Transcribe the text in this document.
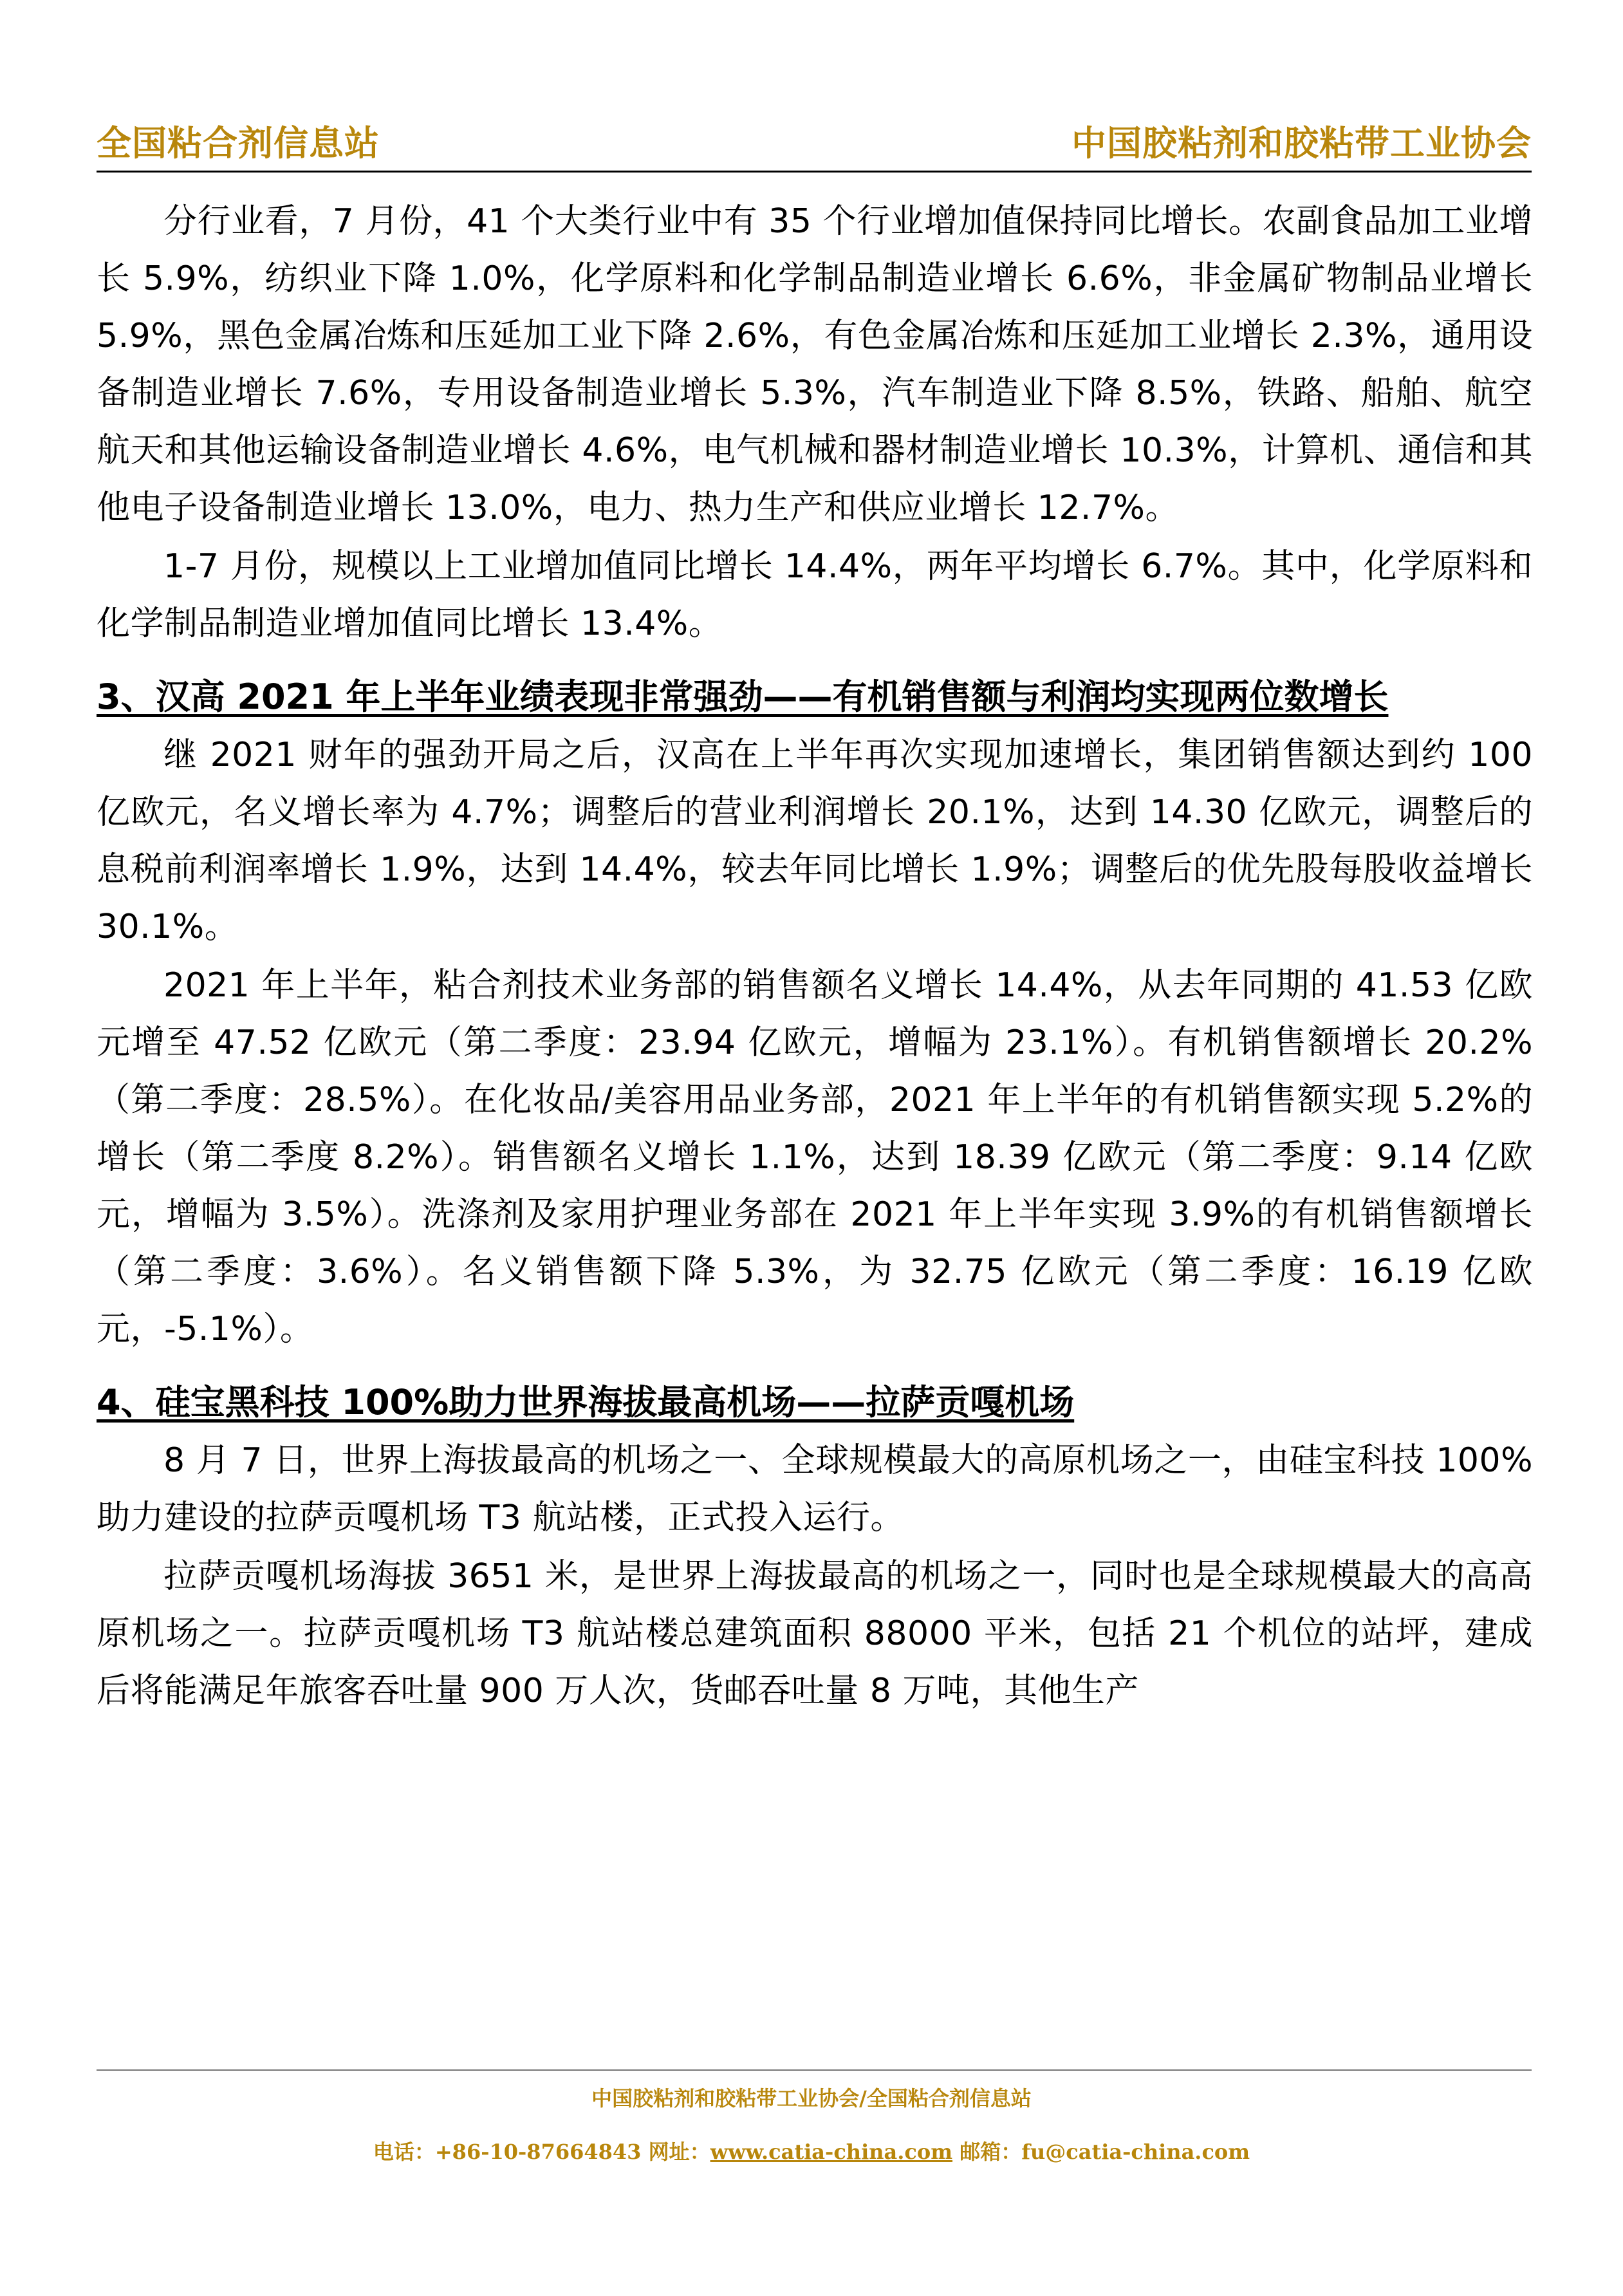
全国粘合剂信息站	中国胶粘剂和胶粘带工业协会

分行业看，7 月份，41 个大类行业中有 35 个行业增加值保持同比增长。农副食品加工业增长 5.9%，纺织业下降 1.0%，化学原料和化学制品制造业增长 6.6%，非金属矿物制品业增长 5.9%，黑色金属冶炼和压延加工业下降 2.6%，有色金属冶炼和压延加工业增长 2.3%，通用设备制造业增长 7.6%，专用设备制造业增长 5.3%，汽车制造业下降 8.5%，铁路、船舶、航空航天和其他运输设备制造业增长 4.6%，电气机械和器材制造业增长 10.3%，计算机、通信和其他电子设备制造业增长 13.0%，电力、热力生产和供应业增长 12.7%。

1-7 月份，规模以上工业增加值同比增长 14.4%，两年平均增长 6.7%。其中，化学原料和化学制品制造业增加值同比增长 13.4%。

3、汉高 2021 年上半年业绩表现非常强劲——有机销售额与利润均实现两位数增长

继 2021 财年的强劲开局之后，汉高在上半年再次实现加速增长，集团销售额达到约 100 亿欧元，名义增长率为 4.7%；调整后的营业利润增长 20.1%，达到 14.30 亿欧元，调整后的息税前利润率增长 1.9%，达到 14.4%，较去年同比增长 1.9%；调整后的优先股每股收益增长 30.1%。

2021 年上半年，粘合剂技术业务部的销售额名义增长 14.4%，从去年同期的 41.53 亿欧元增至 47.52 亿欧元（第二季度：23.94 亿欧元，增幅为 23.1%）。有机销售额增长 20.2%（第二季度：28.5%）。在化妆品/美容用品业务部，2021 年上半年的有机销售额实现 5.2%的增长（第二季度 8.2%）。销售额名义增长 1.1%，达到 18.39 亿欧元（第二季度：9.14 亿欧元，增幅为 3.5%）。洗涤剂及家用护理业务部在 2021 年上半年实现 3.9%的有机销售额增长（第二季度：3.6%）。名义销售额下降 5.3%，为 32.75 亿欧元（第二季度：16.19 亿欧元，-5.1%）。

4、硅宝黑科技 100%助力世界海拔最高机场——拉萨贡嘎机场

8 月 7 日，世界上海拔最高的机场之一、全球规模最大的高原机场之一，由硅宝科技 100%助力建设的拉萨贡嘎机场 T3 航站楼，正式投入运行。

拉萨贡嘎机场海拔 3651 米，是世界上海拔最高的机场之一，同时也是全球规模最大的高高原机场之一。拉萨贡嘎机场 T3 航站楼总建筑面积 88000 平米，包括 21 个机位的站坪，建成后将能满足年旅客吞吐量 900 万人次，货邮吞吐量 8 万吨，其他生产

中国胶粘剂和胶粘带工业协会/全国粘合剂信息站
电话：+86-10-87664843 网址：www.catia-china.com 邮箱：fu@catia-china.com
